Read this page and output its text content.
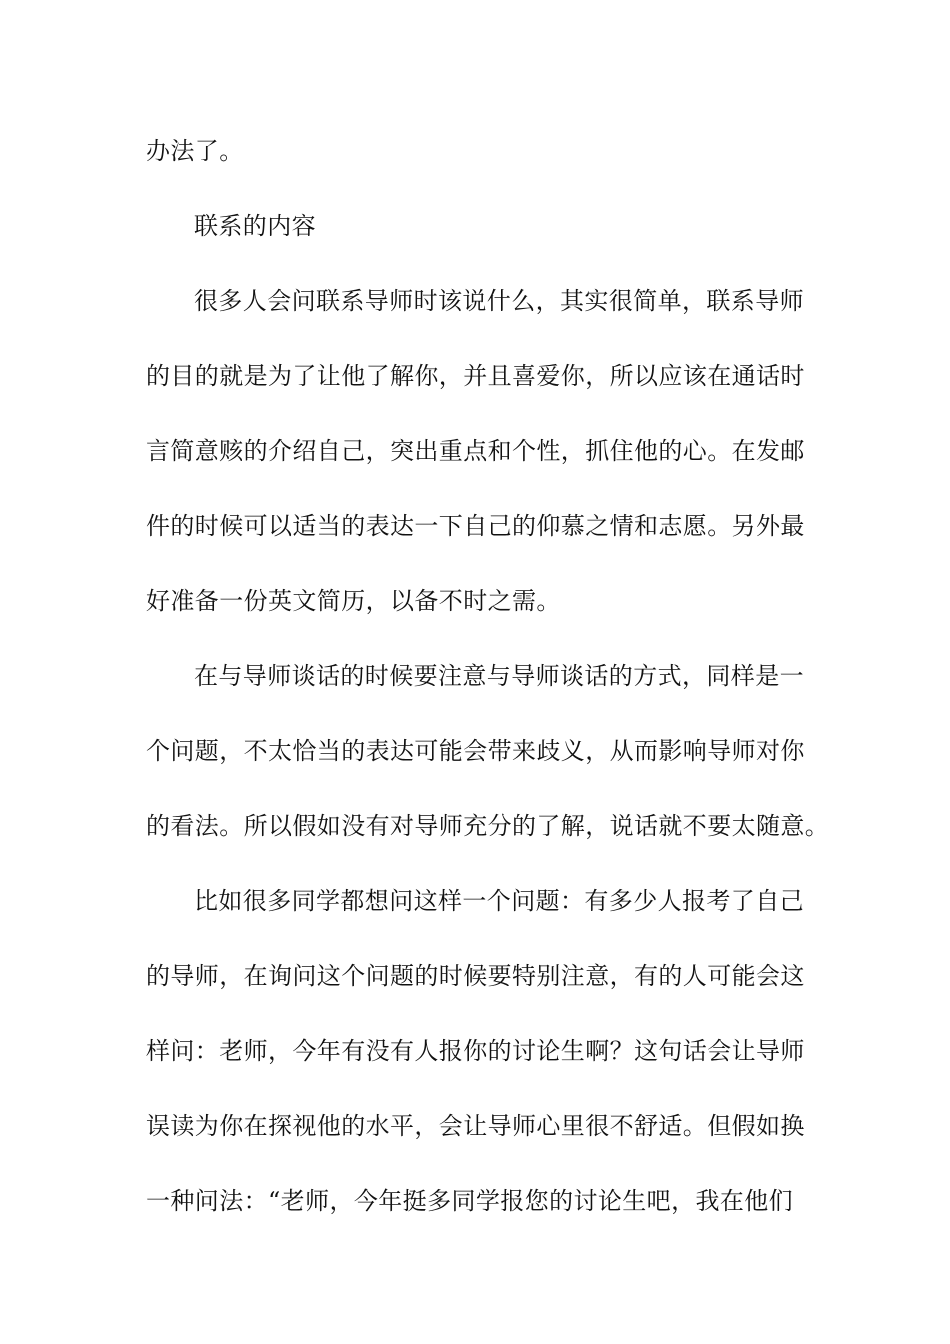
办法了。
联系的内容
很多人会问联系导师时该说什么，其实很简单，联系导师
的目的就是为了让他了解你，并且喜爱你，所以应该在通话时
言简意赅的介绍自己，突出重点和个性，抓住他的心。在发邮
件的时候可以适当的表达一下自己的仰慕之情和志愿。另外最
好准备一份英文简历，以备不时之需。
在与导师谈话的时候要注意与导师谈话的方式，同样是一
个问题，不太恰当的表达可能会带来歧义，从而影响导师对你
的看法。所以假如没有对导师充分的了解，说话就不要太随意。
比如很多同学都想问这样一个问题：有多少人报考了自己
的导师，在询问这个问题的时候要特别注意，有的人可能会这
样问：老师，今年有没有人报你的讨论生啊？这句话会让导师
误读为你在探视他的水平，会让导师心里很不舒适。但假如换
一种问法：“老师，今年挺多同学报您的讨论生吧，我在他们
